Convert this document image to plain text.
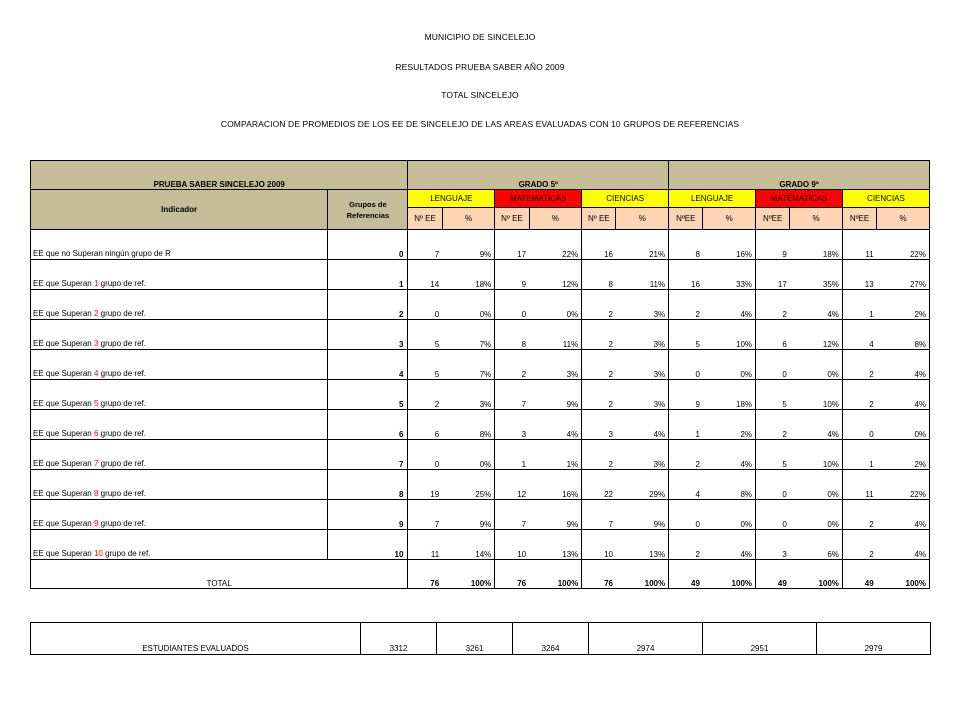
MUNICIPIO DE SINCELEJO
RESULTADOS PRUEBA SABER AÑO 2009
TOTAL SINCELEJO
COMPARACION DE PROMEDIOS DE LOS EE DE SINCELEJO DE LAS AREAS EVALUADAS CON 10 GRUPOS DE REFERENCIAS
PRUEBA SABER SINCELEJO 2009		GRADO 5º						GRADO 9º					
Indicador	Grupos de Referencias	LENGUAJE		MATEMATICAS		CIENCIAS		LENGUAJE		MATEMATICAS		CIENCIAS	
		Nº EE	%	Nº EE	%	Nº EE	%	NºEE	%	NºEE	%	NºEE	%
EE que no Superan ningún grupo de R	0	7	9%	17	22%	16	21%	8	16%	9	18%	11	22%
EE que Superan 1 grupo de ref.	1	14	18%	9	12%	8	11%	16	33%	17	35%	13	27%
EE que Superan 2 grupo de ref.	2	0	0%	0	0%	2	3%	2	4%	2	4%	1	2%
EE que Superan 3 grupo de ref.	3	5	7%	8	11%	2	3%	5	10%	6	12%	4	8%
EE que Superan 4 grupo de ref.	4	5	7%	2	3%	2	3%	0	0%	0	0%	2	4%
EE que Superan 5 grupo de ref.	5	2	3%	7	9%	2	3%	9	18%	5	10%	2	4%
EE que Superan 6 grupo de ref.	6	6	8%	3	4%	3	4%	1	2%	2	4%	0	0%
EE que Superan 7 grupo de ref.	7	0	0%	1	1%	2	3%	2	4%	5	10%	1	2%
EE que Superan 8 grupo de ref.	8	19	25%	12	16%	22	29%	4	8%	0	0%	11	22%
EE que Superan 9 grupo de ref.	9	7	9%	7	9%	7	9%	0	0%	0	0%	2	4%
EE que Superan 10 grupo de ref.	10	11	14%	10	13%	10	13%	2	4%	3	6%	2	4%
TOTAL		76	100%	76	100%	76	100%	49	100%	49	100%	49	100%
ESTUDIANTES EVALUADOS	3312	3261	3264	2974	2951	2979
